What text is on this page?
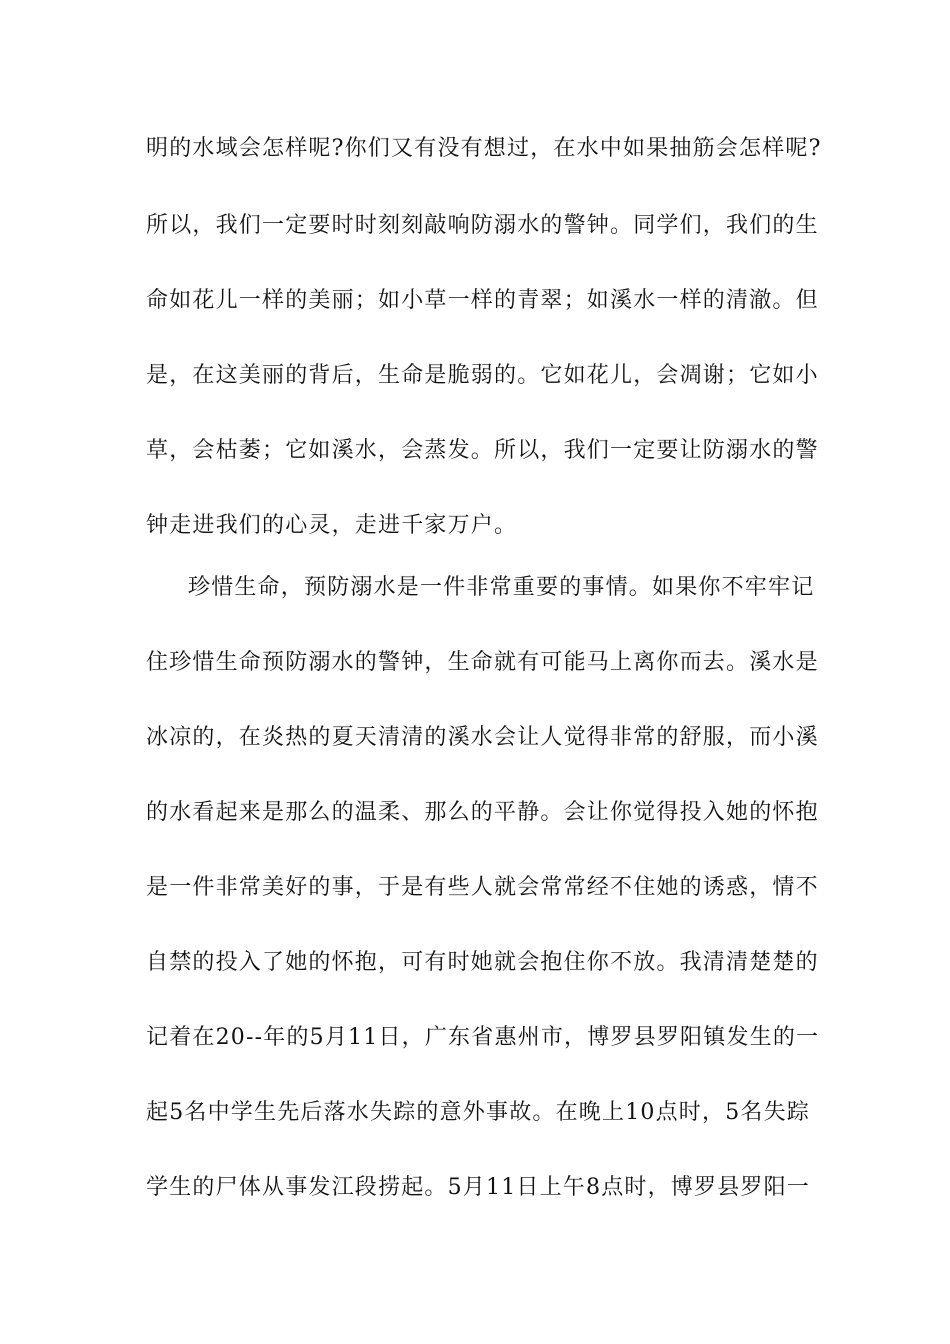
明的水域会怎样呢?你们又有没有想过，在水中如果抽筋会怎样呢?
所以，我们一定要时时刻刻敲响防溺水的警钟。同学们，我们的生
命如花儿一样的美丽；如小草一样的青翠；如溪水一样的清澈。但
是，在这美丽的背后，生命是脆弱的。它如花儿，会凋谢；它如小
草，会枯萎；它如溪水，会蒸发。所以，我们一定要让防溺水的警
钟走进我们的心灵，走进千家万户。
珍惜生命，预防溺水是一件非常重要的事情。如果你不牢牢记
住珍惜生命预防溺水的警钟，生命就有可能马上离你而去。溪水是
冰凉的，在炎热的夏天清清的溪水会让人觉得非常的舒服，而小溪
的水看起来是那么的温柔、那么的平静。会让你觉得投入她的怀抱
是一件非常美好的事，于是有些人就会常常经不住她的诱惑，情不
自禁的投入了她的怀抱，可有时她就会抱住你不放。我清清楚楚的
记着在20--年的5月11日，广东省惠州市，博罗县罗阳镇发生的一
起5名中学生先后落水失踪的意外事故。在晚上10点时，5名失踪
学生的尸体从事发江段捞起。5月11日上午8点时，博罗县罗阳一
